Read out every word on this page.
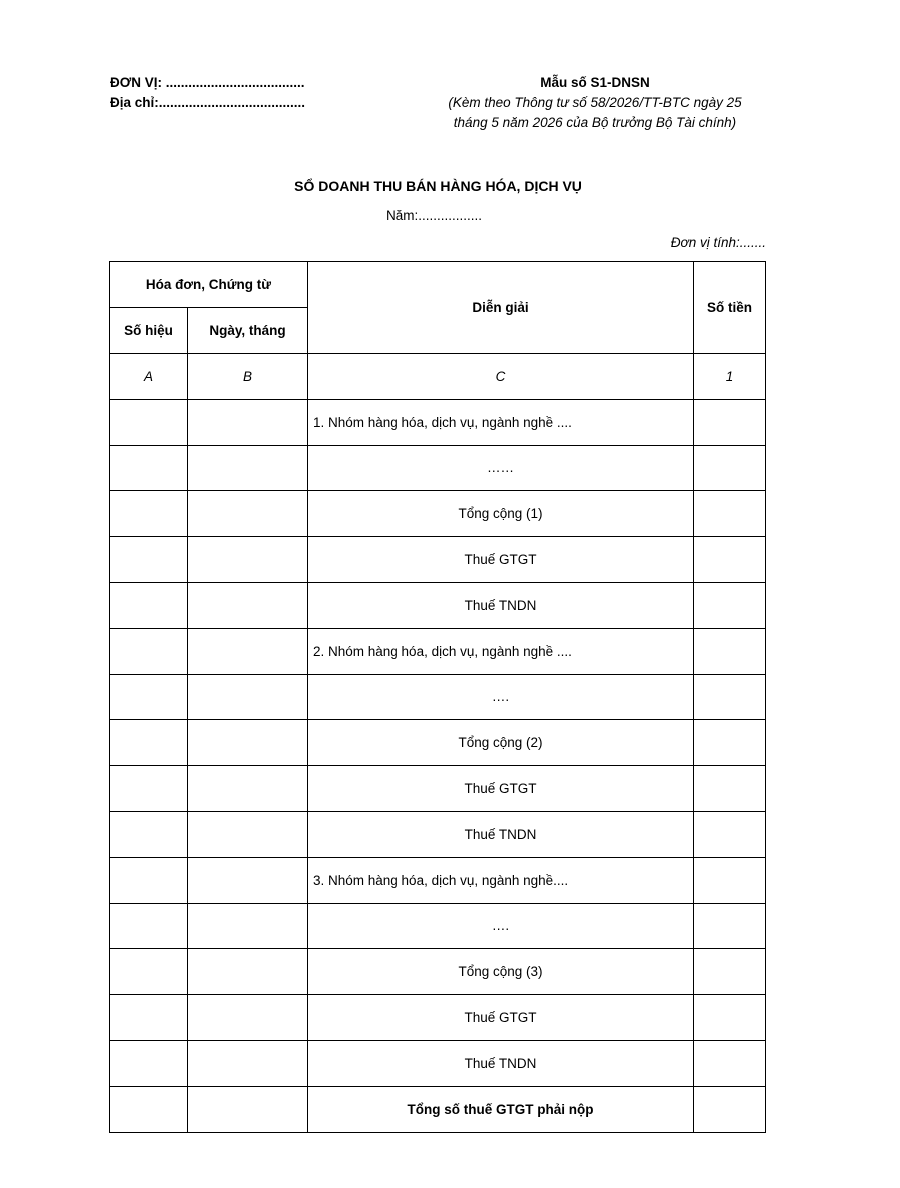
ĐƠN VỊ: .....................................
Địa chỉ:.......................................
Mẫu số S1-DNSN
(Kèm theo Thông tư số 58/2026/TT-BTC ngày 25
tháng 5 năm 2026 của Bộ trưởng Bộ Tài chính)
SỔ DOANH THU BÁN HÀNG HÓA, DỊCH VỤ
Năm:.................
Đơn vị tính:.......
Hóa đơn, Chứng từ		Diễn giải	Số tiền
Số hiệu	Ngày, tháng		
A	B	C	1
		1. Nhóm hàng hóa, dịch vụ, ngành nghề ....	
		……	
		Tổng cộng (1)	
		Thuế GTGT	
		Thuế TNDN	
		2. Nhóm hàng hóa, dịch vụ, ngành nghề ....	
		….	
		Tổng cộng (2)	
		Thuế GTGT	
		Thuế TNDN	
		3. Nhóm hàng hóa, dịch vụ, ngành nghề....	
		….	
		Tổng cộng (3)	
		Thuế GTGT	
		Thuế TNDN	
		Tổng số thuế GTGT phải nộp	
